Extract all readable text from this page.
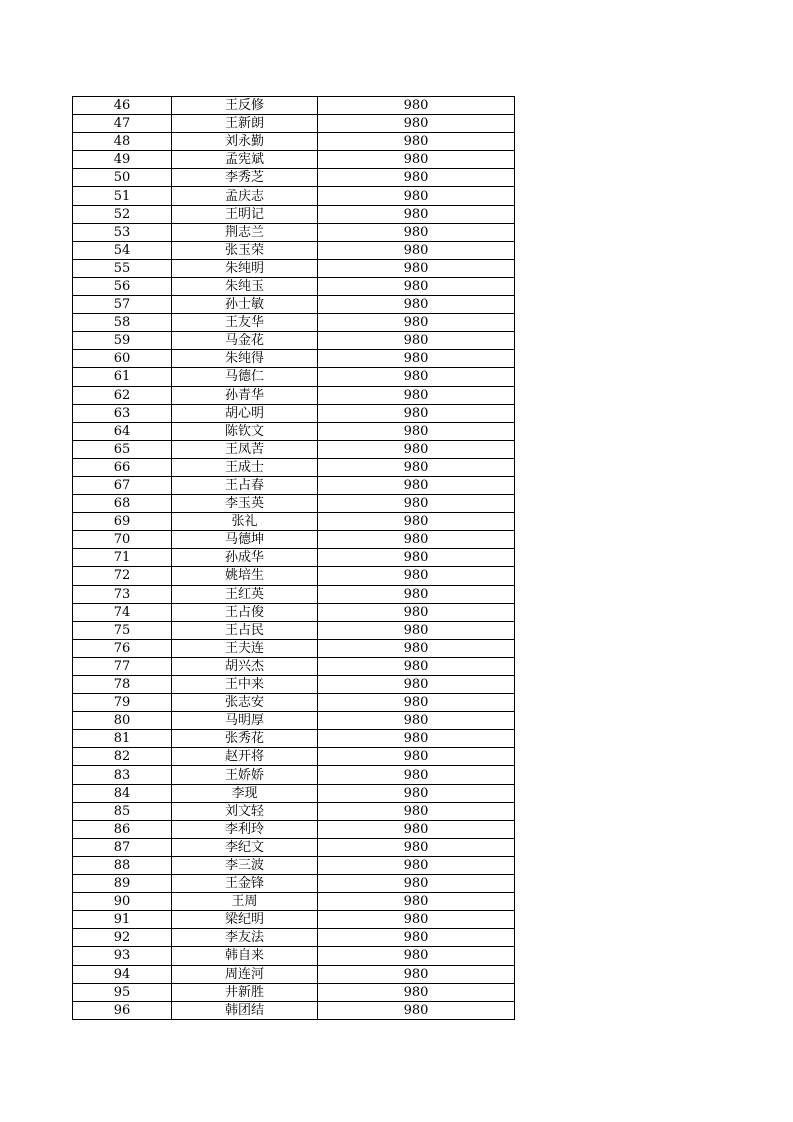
46	王反修	980
47	王新朗	980
48	刘永勤	980
49	孟宪斌	980
50	李秀芝	980
51	孟庆志	980
52	王明记	980
53	荆志兰	980
54	张玉荣	980
55	朱纯明	980
56	朱纯玉	980
57	孙士敏	980
58	王友华	980
59	马金花	980
60	朱纯得	980
61	马德仁	980
62	孙青华	980
63	胡心明	980
64	陈钦文	980
65	王凤苦	980
66	王成士	980
67	王占春	980
68	李玉英	980
69	张礼	980
70	马德坤	980
71	孙成华	980
72	姚培生	980
73	王红英	980
74	王占俊	980
75	王占民	980
76	王夫连	980
77	胡兴杰	980
78	王中来	980
79	张志安	980
80	马明厚	980
81	张秀花	980
82	赵开将	980
83	王娇娇	980
84	李现	980
85	刘文轻	980
86	李利玲	980
87	李纪文	980
88	李三波	980
89	王金锋	980
90	王周	980
91	梁纪明	980
92	李友法	980
93	韩自来	980
94	周连河	980
95	井新胜	980
96	韩团结	980
